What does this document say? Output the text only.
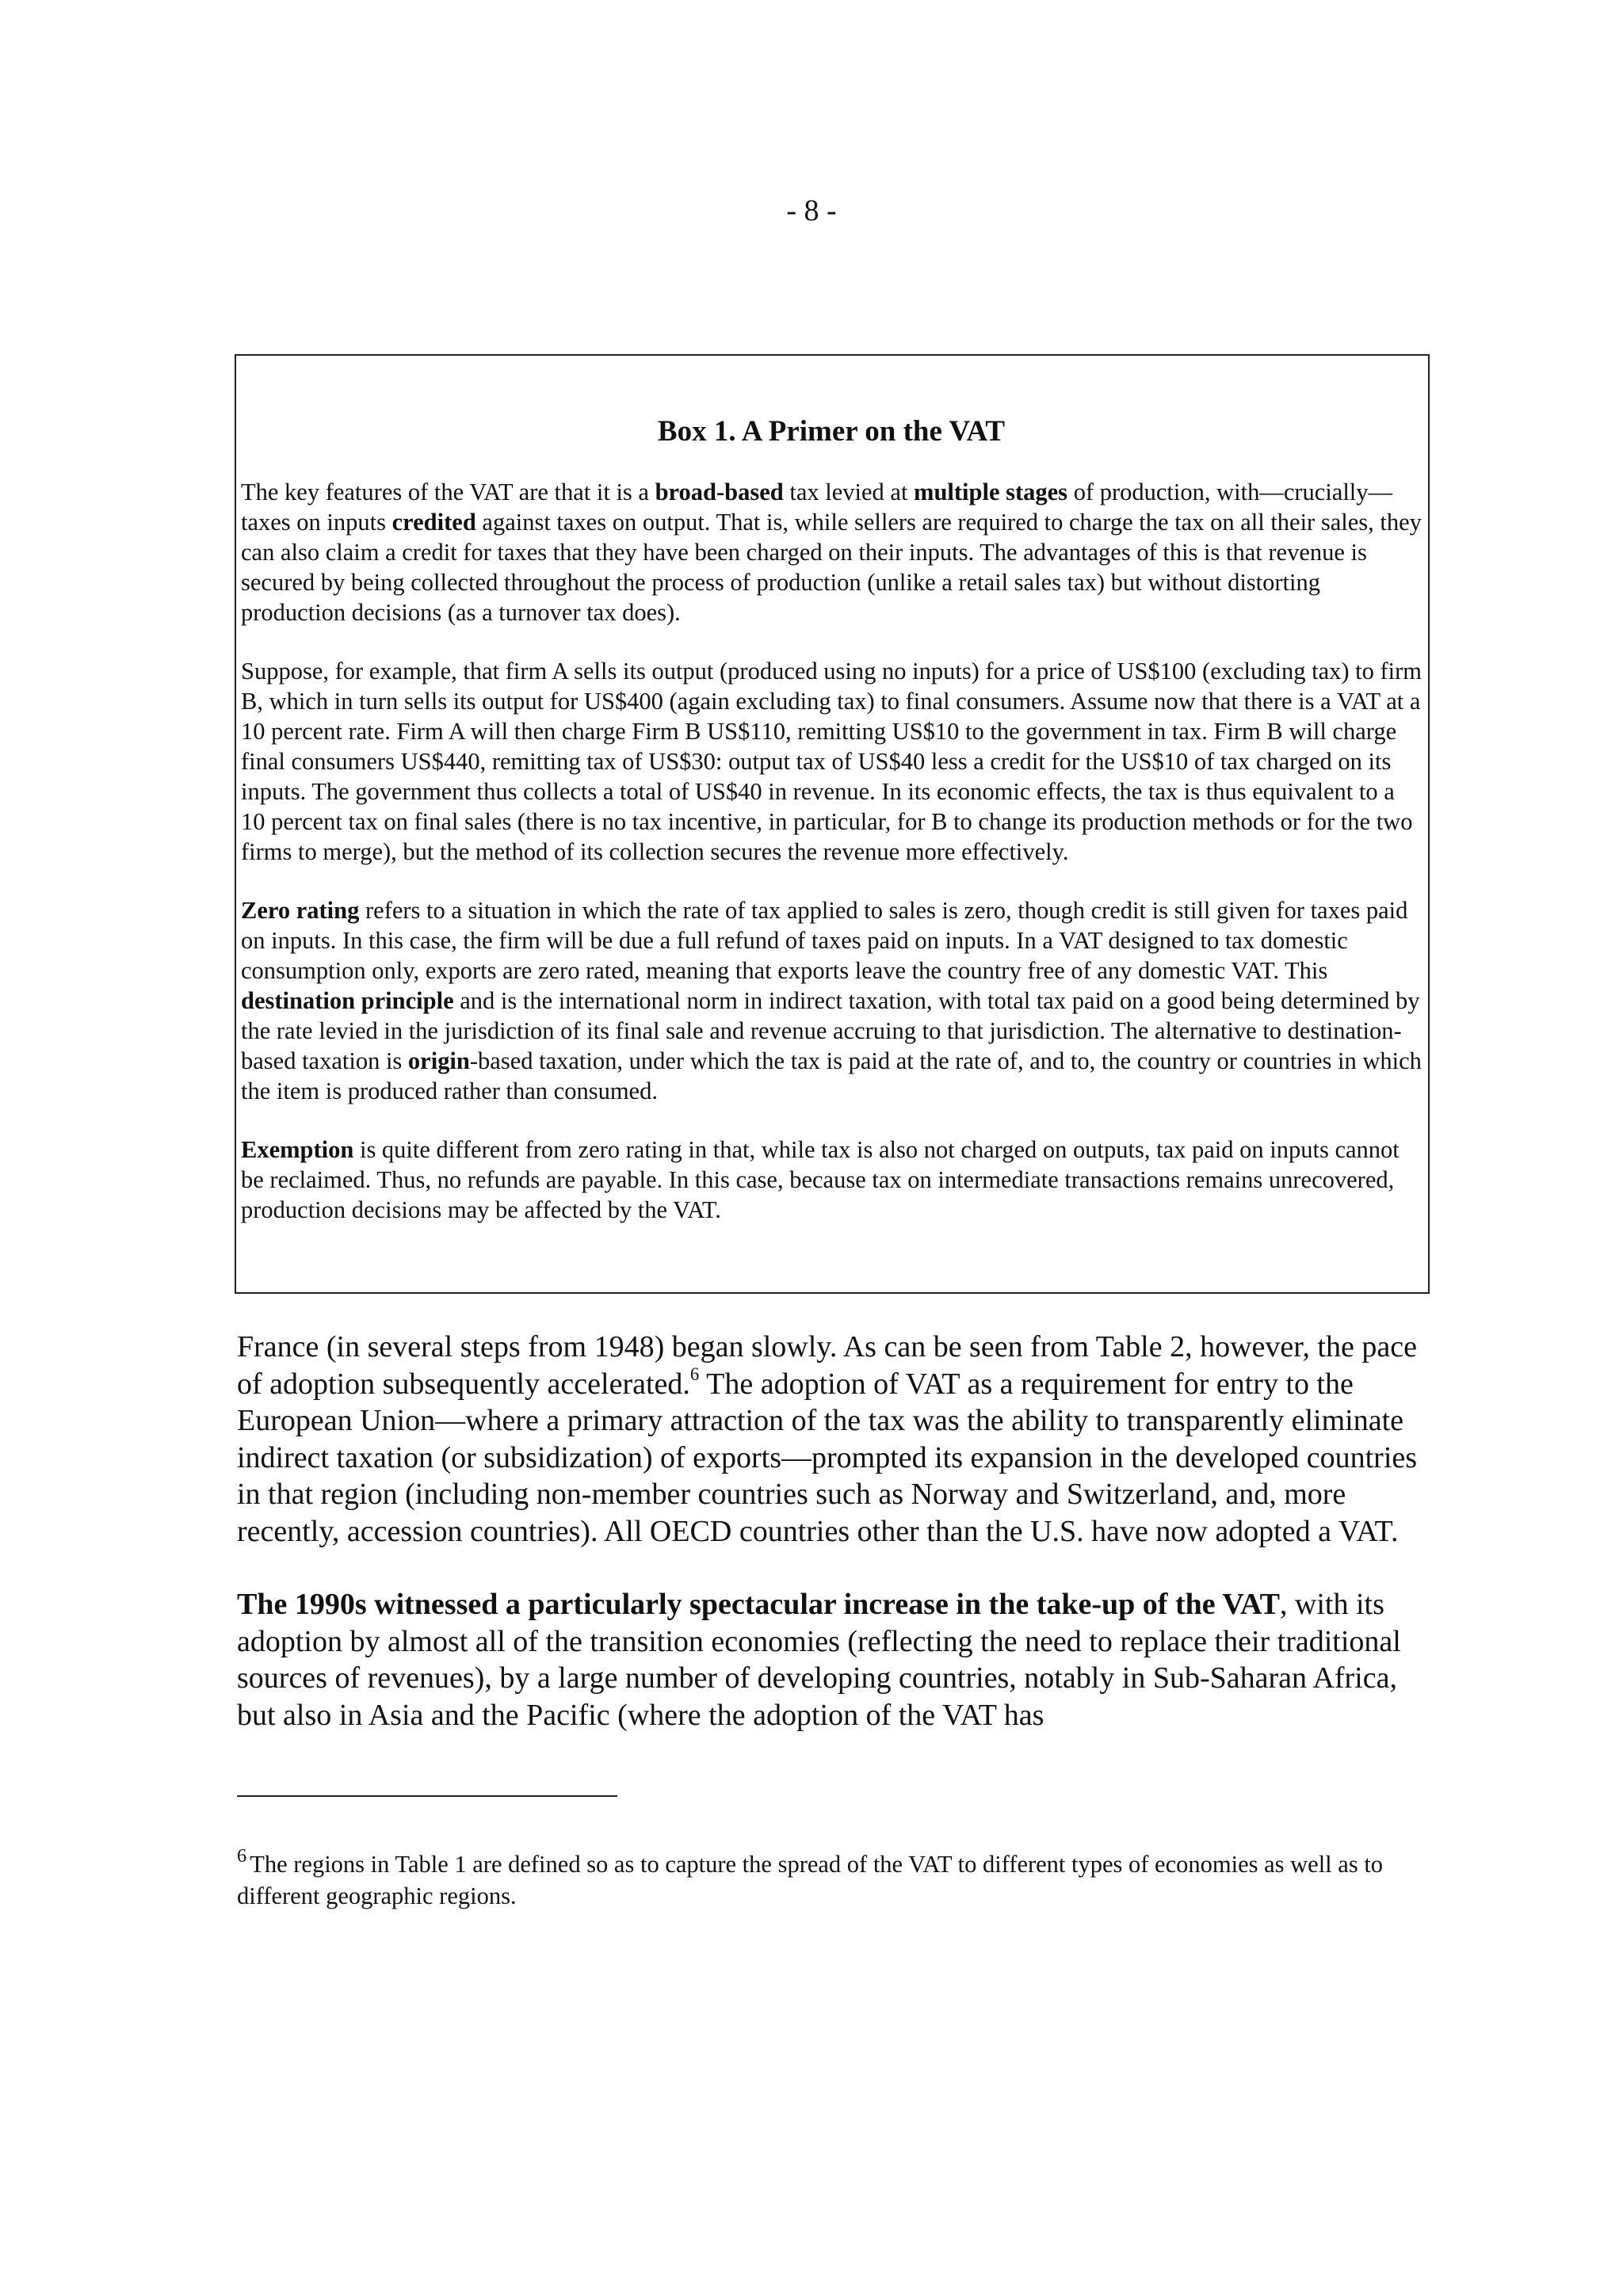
- 8 -
Box 1. A Primer on the VAT

The key features of the VAT are that it is a broad-based tax levied at multiple stages of production, with—crucially—taxes on inputs credited against taxes on output. That is, while sellers are required to charge the tax on all their sales, they can also claim a credit for taxes that they have been charged on their inputs. The advantages of this is that revenue is secured by being collected throughout the process of production (unlike a retail sales tax) but without distorting production decisions (as a turnover tax does).

Suppose, for example, that firm A sells its output (produced using no inputs) for a price of US$100 (excluding tax) to firm B, which in turn sells its output for US$400 (again excluding tax) to final consumers. Assume now that there is a VAT at a 10 percent rate. Firm A will then charge Firm B US$110, remitting US$10 to the government in tax. Firm B will charge final consumers US$440, remitting tax of US$30: output tax of US$40 less a credit for the US$10 of tax charged on its inputs. The government thus collects a total of US$40 in revenue. In its economic effects, the tax is thus equivalent to a 10 percent tax on final sales (there is no tax incentive, in particular, for B to change its production methods or for the two firms to merge), but the method of its collection secures the revenue more effectively.

Zero rating refers to a situation in which the rate of tax applied to sales is zero, though credit is still given for taxes paid on inputs. In this case, the firm will be due a full refund of taxes paid on inputs. In a VAT designed to tax domestic consumption only, exports are zero rated, meaning that exports leave the country free of any domestic VAT. This destination principle and is the international norm in indirect taxation, with total tax paid on a good being determined by the rate levied in the jurisdiction of its final sale and revenue accruing to that jurisdiction. The alternative to destination-based taxation is origin-based taxation, under which the tax is paid at the rate of, and to, the country or countries in which the item is produced rather than consumed.

Exemption is quite different from zero rating in that, while tax is also not charged on outputs, tax paid on inputs cannot be reclaimed. Thus, no refunds are payable. In this case, because tax on intermediate transactions remains unrecovered, production decisions may be affected by the VAT.

France (in several steps from 1948) began slowly. As can be seen from Table 2, however, the pace of adoption subsequently accelerated.$^6$ The adoption of VAT as a requirement for entry to the European Union—where a primary attraction of the tax was the ability to transparently eliminate indirect taxation (or subsidization) of exports—prompted its expansion in the developed countries in that region (including non-member countries such as Norway and Switzerland, and, more recently, accession countries). All OECD countries other than the U.S. have now adopted a VAT.

The 1990s witnessed a particularly spectacular increase in the take-up of the VAT, with its adoption by almost all of the transition economies (reflecting the need to replace their traditional sources of revenues), by a large number of developing countries, notably in Sub-Saharan Africa, but also in Asia and the Pacific (where the adoption of the VAT has

$^6$ The regions in Table 1 are defined so as to capture the spread of the VAT to different types of economies as well as to different geographic regions.
